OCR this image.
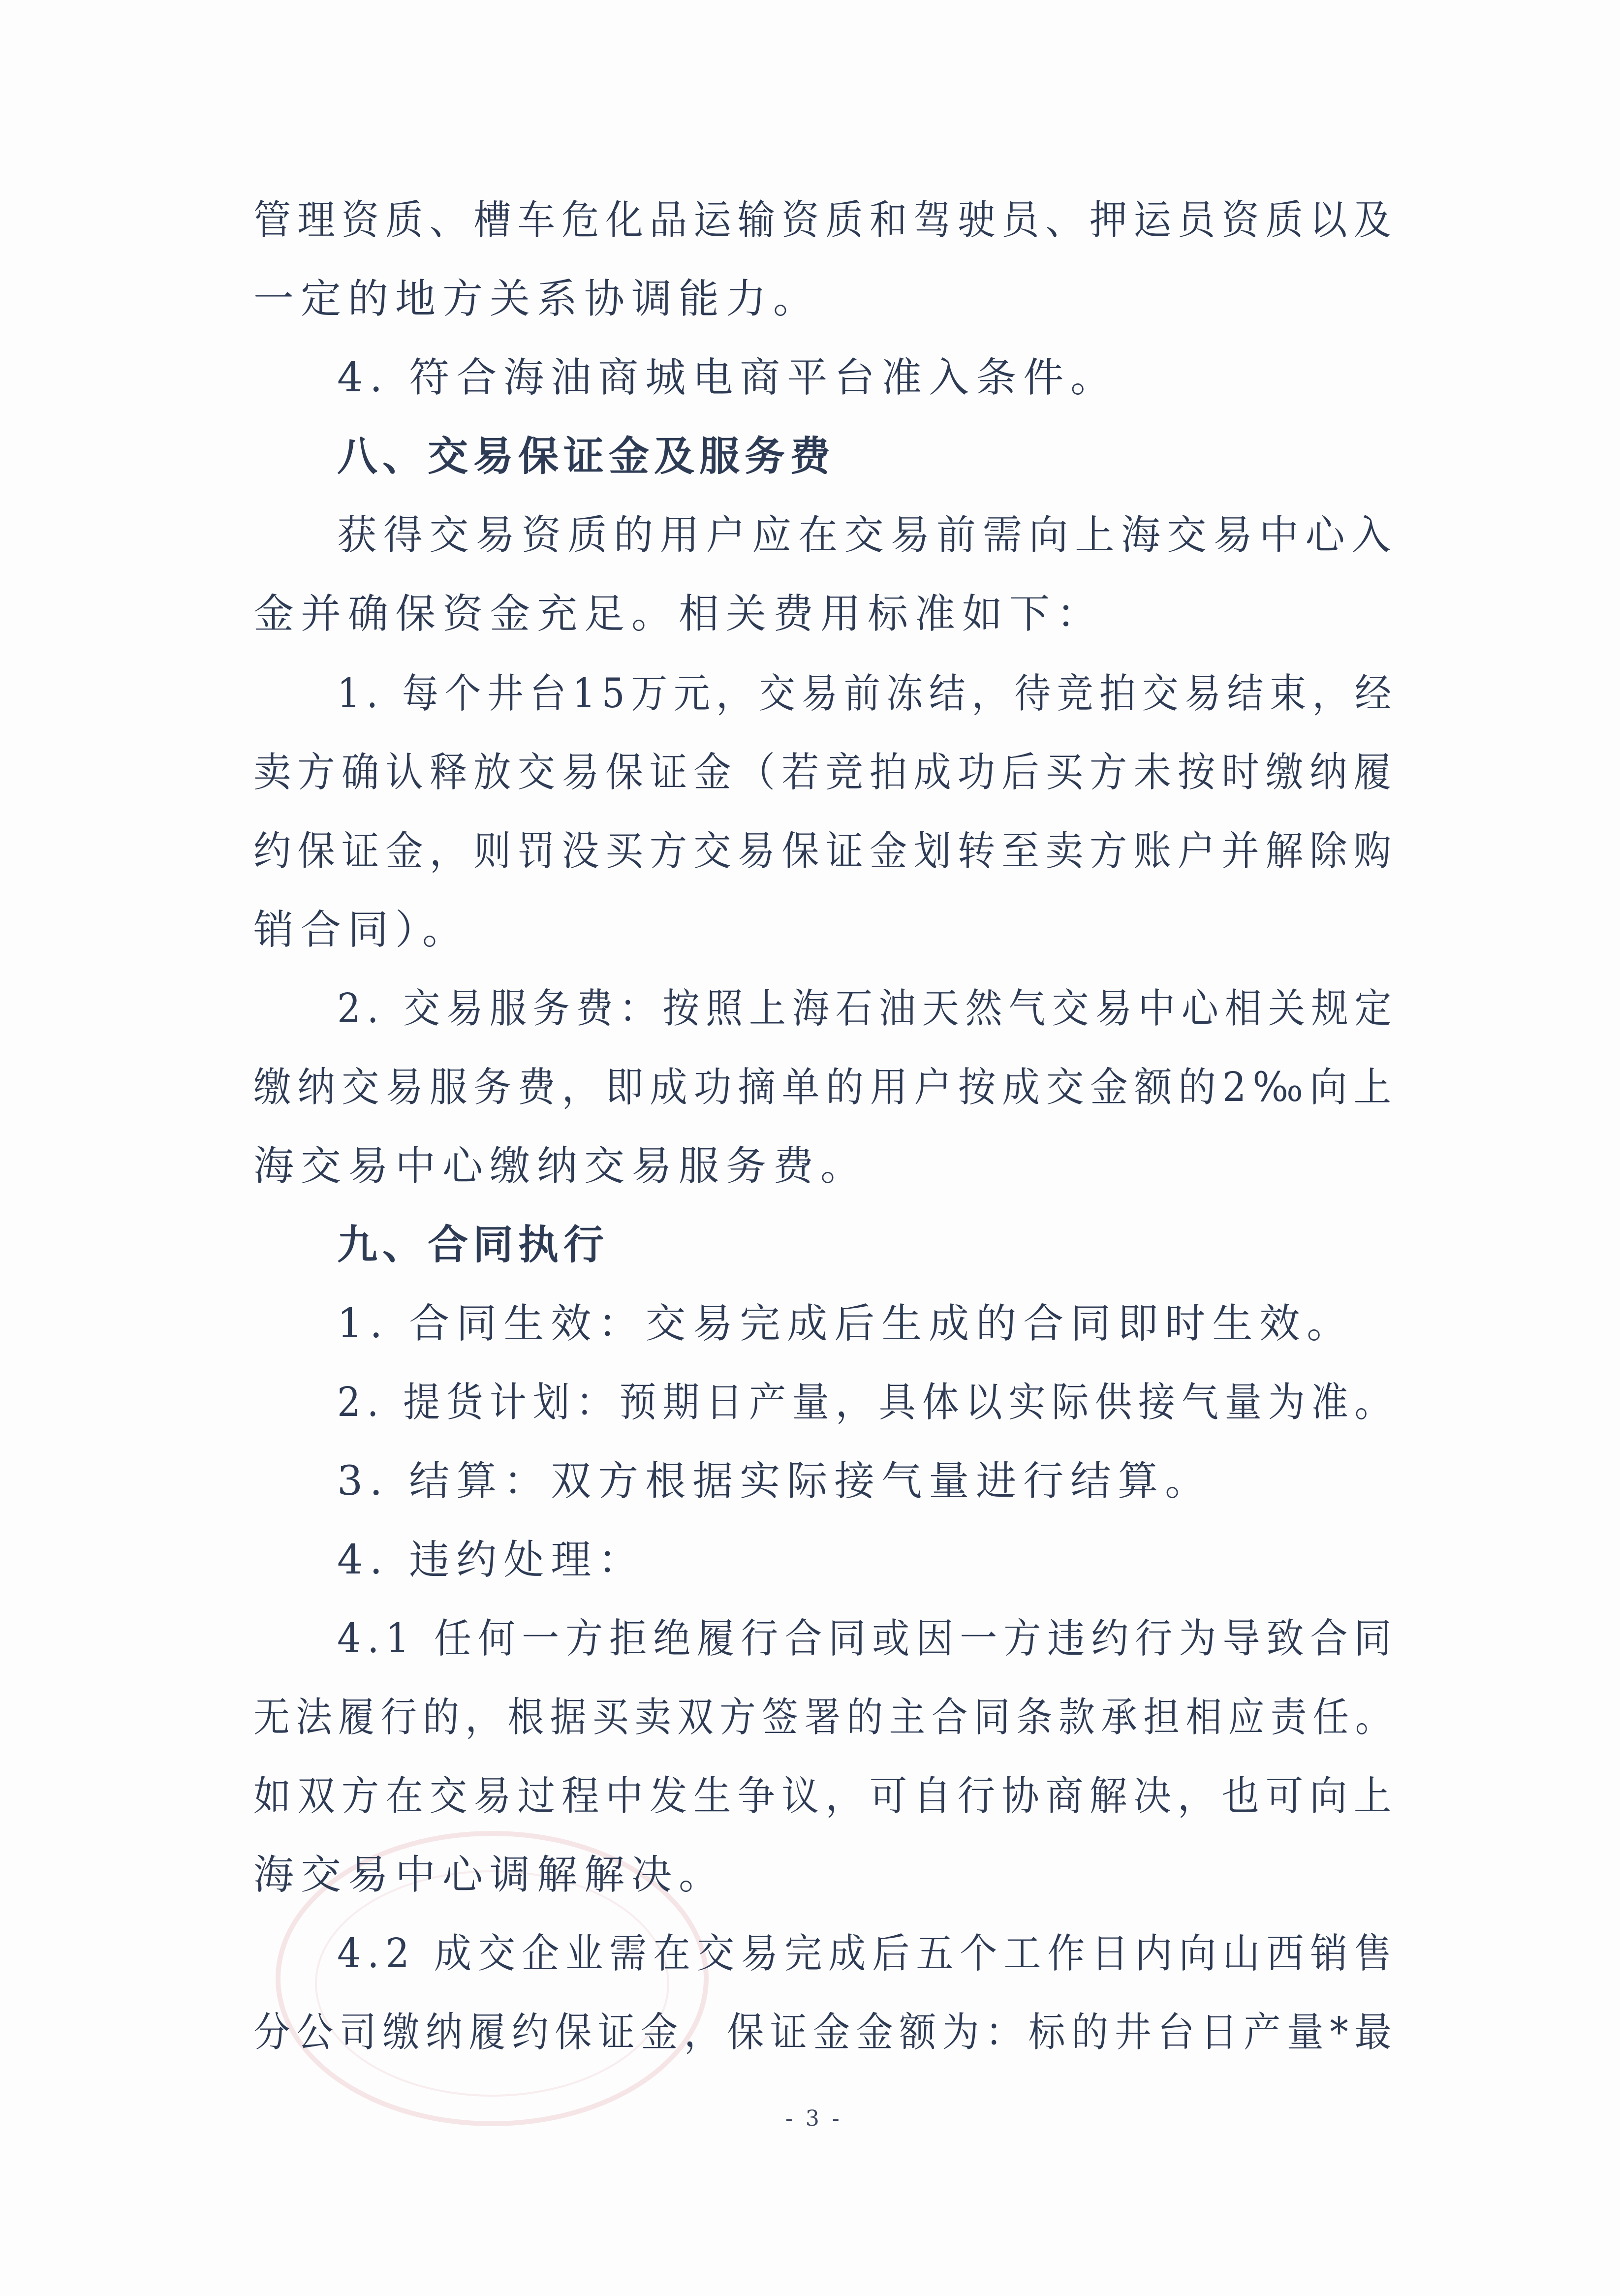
管理资质、槽车危化品运输资质和驾驶员、押运员资质以及
一定的地方关系协调能力。
4. 符合海油商城电商平台准入条件。
八、交易保证金及服务费
获得交易资质的用户应在交易前需向上海交易中心入
金并确保资金充足。相关费用标准如下：
1. 每个井台15万元，交易前冻结，待竞拍交易结束，经
卖方确认释放交易保证金（若竞拍成功后买方未按时缴纳履
约保证金，则罚没买方交易保证金划转至卖方账户并解除购
销合同）。
2. 交易服务费：按照上海石油天然气交易中心相关规定
缴纳交易服务费，即成功摘单的用户按成交金额的2‰向上
海交易中心缴纳交易服务费。
九、合同执行
1. 合同生效：交易完成后生成的合同即时生效。
2. 提货计划：预期日产量，具体以实际供接气量为准。
3. 结算：双方根据实际接气量进行结算。
4. 违约处理：
4.1 任何一方拒绝履行合同或因一方违约行为导致合同
无法履行的，根据买卖双方签署的主合同条款承担相应责任。
如双方在交易过程中发生争议，可自行协商解决，也可向上
海交易中心调解解决。
4.2 成交企业需在交易完成后五个工作日内向山西销售
分公司缴纳履约保证金，保证金金额为：标的井台日产量*最
- 3 -
